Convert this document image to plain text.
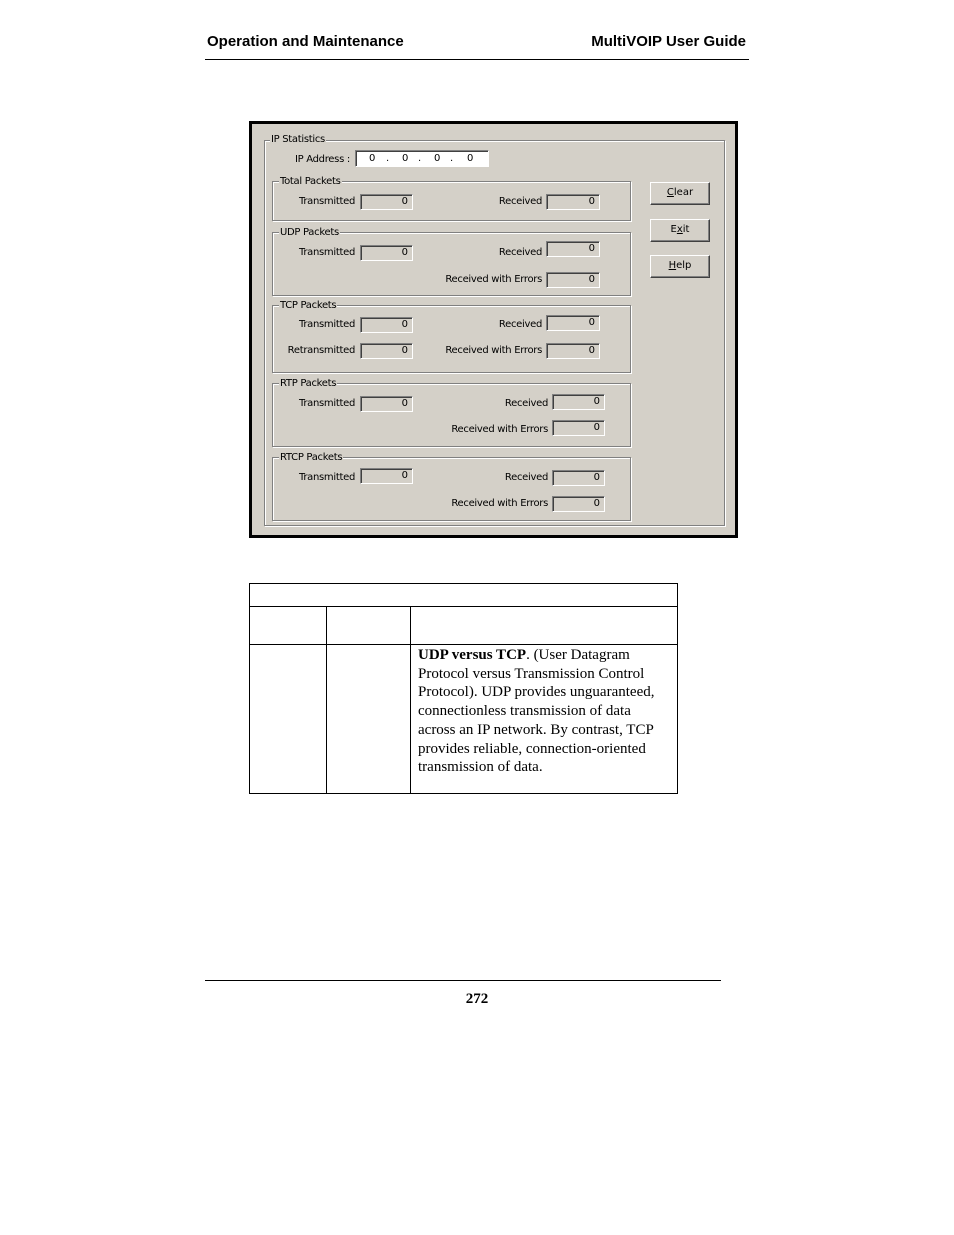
Operation and Maintenance	MultiVOIP User Guide
IP Statistics
IP Address : 0 . 0 . 0 . 0
Total Packets
Transmitted	0	Received	0
UDP Packets
Transmitted	0	Received	0
Received with Errors	0
TCP Packets
Transmitted	0	Received	0
Retransmitted	0	Received with Errors	0
RTP Packets
Transmitted	0	Received	0
Received with Errors	0
RTCP Packets
Transmitted	0	Received	0
Received with Errors	0
Clear
Exit
Help

		UDP versus TCP. (User Datagram Protocol versus Transmission Control Protocol). UDP provides unguaranteed, connectionless transmission of data across an IP network. By contrast, TCP provides reliable, connection-oriented transmission of data.
272
